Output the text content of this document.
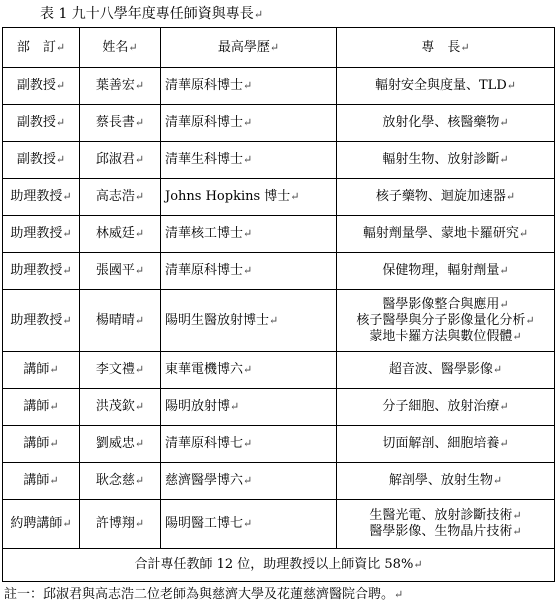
表 1 九十八學年度專任師資與專長↵
部　訂↵	姓名↵	最高學歷↵	專　長↵
副教授↵	葉善宏↵	清華原科博士↵	輻射安全與度量、TLD↵

副教授↵	蔡長書↵	清華原科博士↵	放射化學、核醫藥物↵

副教授↵	邱淑君↵	清華生科博士↵	輻射生物、放射診斷↵

助理教授↵	高志浩↵	Johns Hopkins 博士↵	核子藥物、迴旋加速器↵

助理教授↵	林威廷↵	清華核工博士↵	輻射劑量學、蒙地卡羅研究↵

助理教授↵	張國平↵	清華原科博士↵	保健物理，輻射劑量↵

助理教授↵	楊晴晴↵	陽明生醫放射博士↵	醫學影像整合與應用↵
核子醫學與分子影像量化分析↵
蒙地卡羅方法與數位假體↵

講師↵	李文禮↵	東華電機博六↵	超音波、醫學影像↵

講師↵	洪茂欽↵	陽明放射博↵	分子細胞、放射治療↵

講師↵	劉威忠↵	清華原科博七↵	切面解剖、細胞培養↵

講師↵	耿念慈↵	慈濟醫學博六↵	解剖學、放射生物↵

約聘講師↵	許博翔↵	陽明醫工博七↵	生醫光電、放射診斷技術↵
醫學影像、生物晶片技術↵

合計專任教師 12 位，助理教授以上師資比 58%↵			
註一：邱淑君與高志浩二位老師為與慈濟大學及花蓮慈濟醫院合聘。↵
